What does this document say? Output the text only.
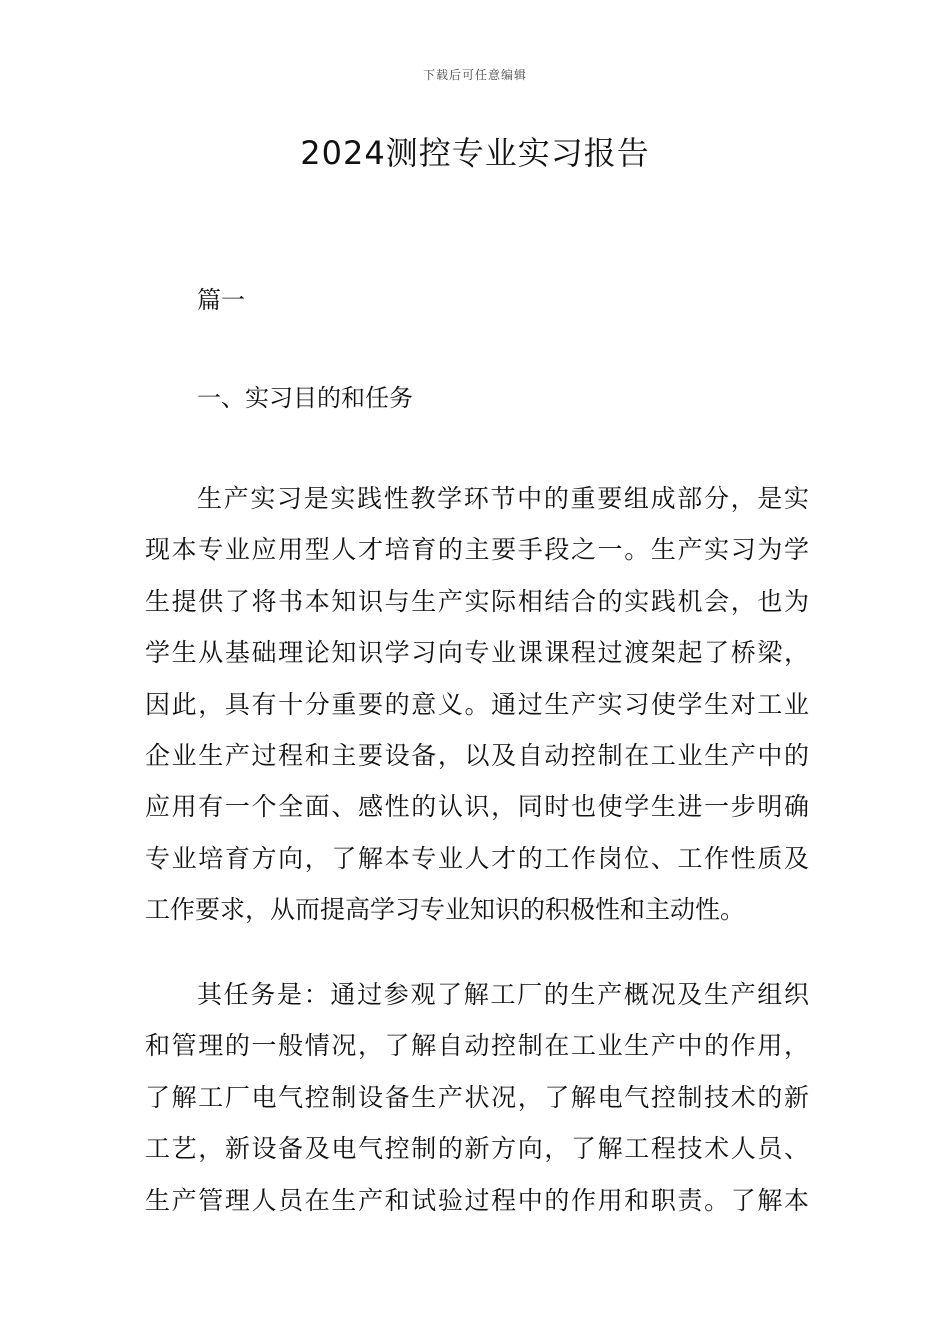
下载后可任意编辑
2024测控专业实习报告

篇一

一、实习目的和任务

生产实习是实践性教学环节中的重要组成部分，是实
现本专业应用型人才培育的主要手段之一。生产实习为学
生提供了将书本知识与生产实际相结合的实践机会，也为
学生从基础理论知识学习向专业课课程过渡架起了桥梁，
因此，具有十分重要的意义。通过生产实习使学生对工业
企业生产过程和主要设备，以及自动控制在工业生产中的
应用有一个全面、感性的认识，同时也使学生进一步明确
专业培育方向，了解本专业人才的工作岗位、工作性质及
工作要求，从而提高学习专业知识的积极性和主动性。
其任务是：通过参观了解工厂的生产概况及生产组织
和管理的一般情况，了解自动控制在工业生产中的作用，
了解工厂电气控制设备生产状况，了解电气控制技术的新
工艺，新设备及电气控制的新方向，了解工程技术人员、
生产管理人员在生产和试验过程中的作用和职责。了解本
